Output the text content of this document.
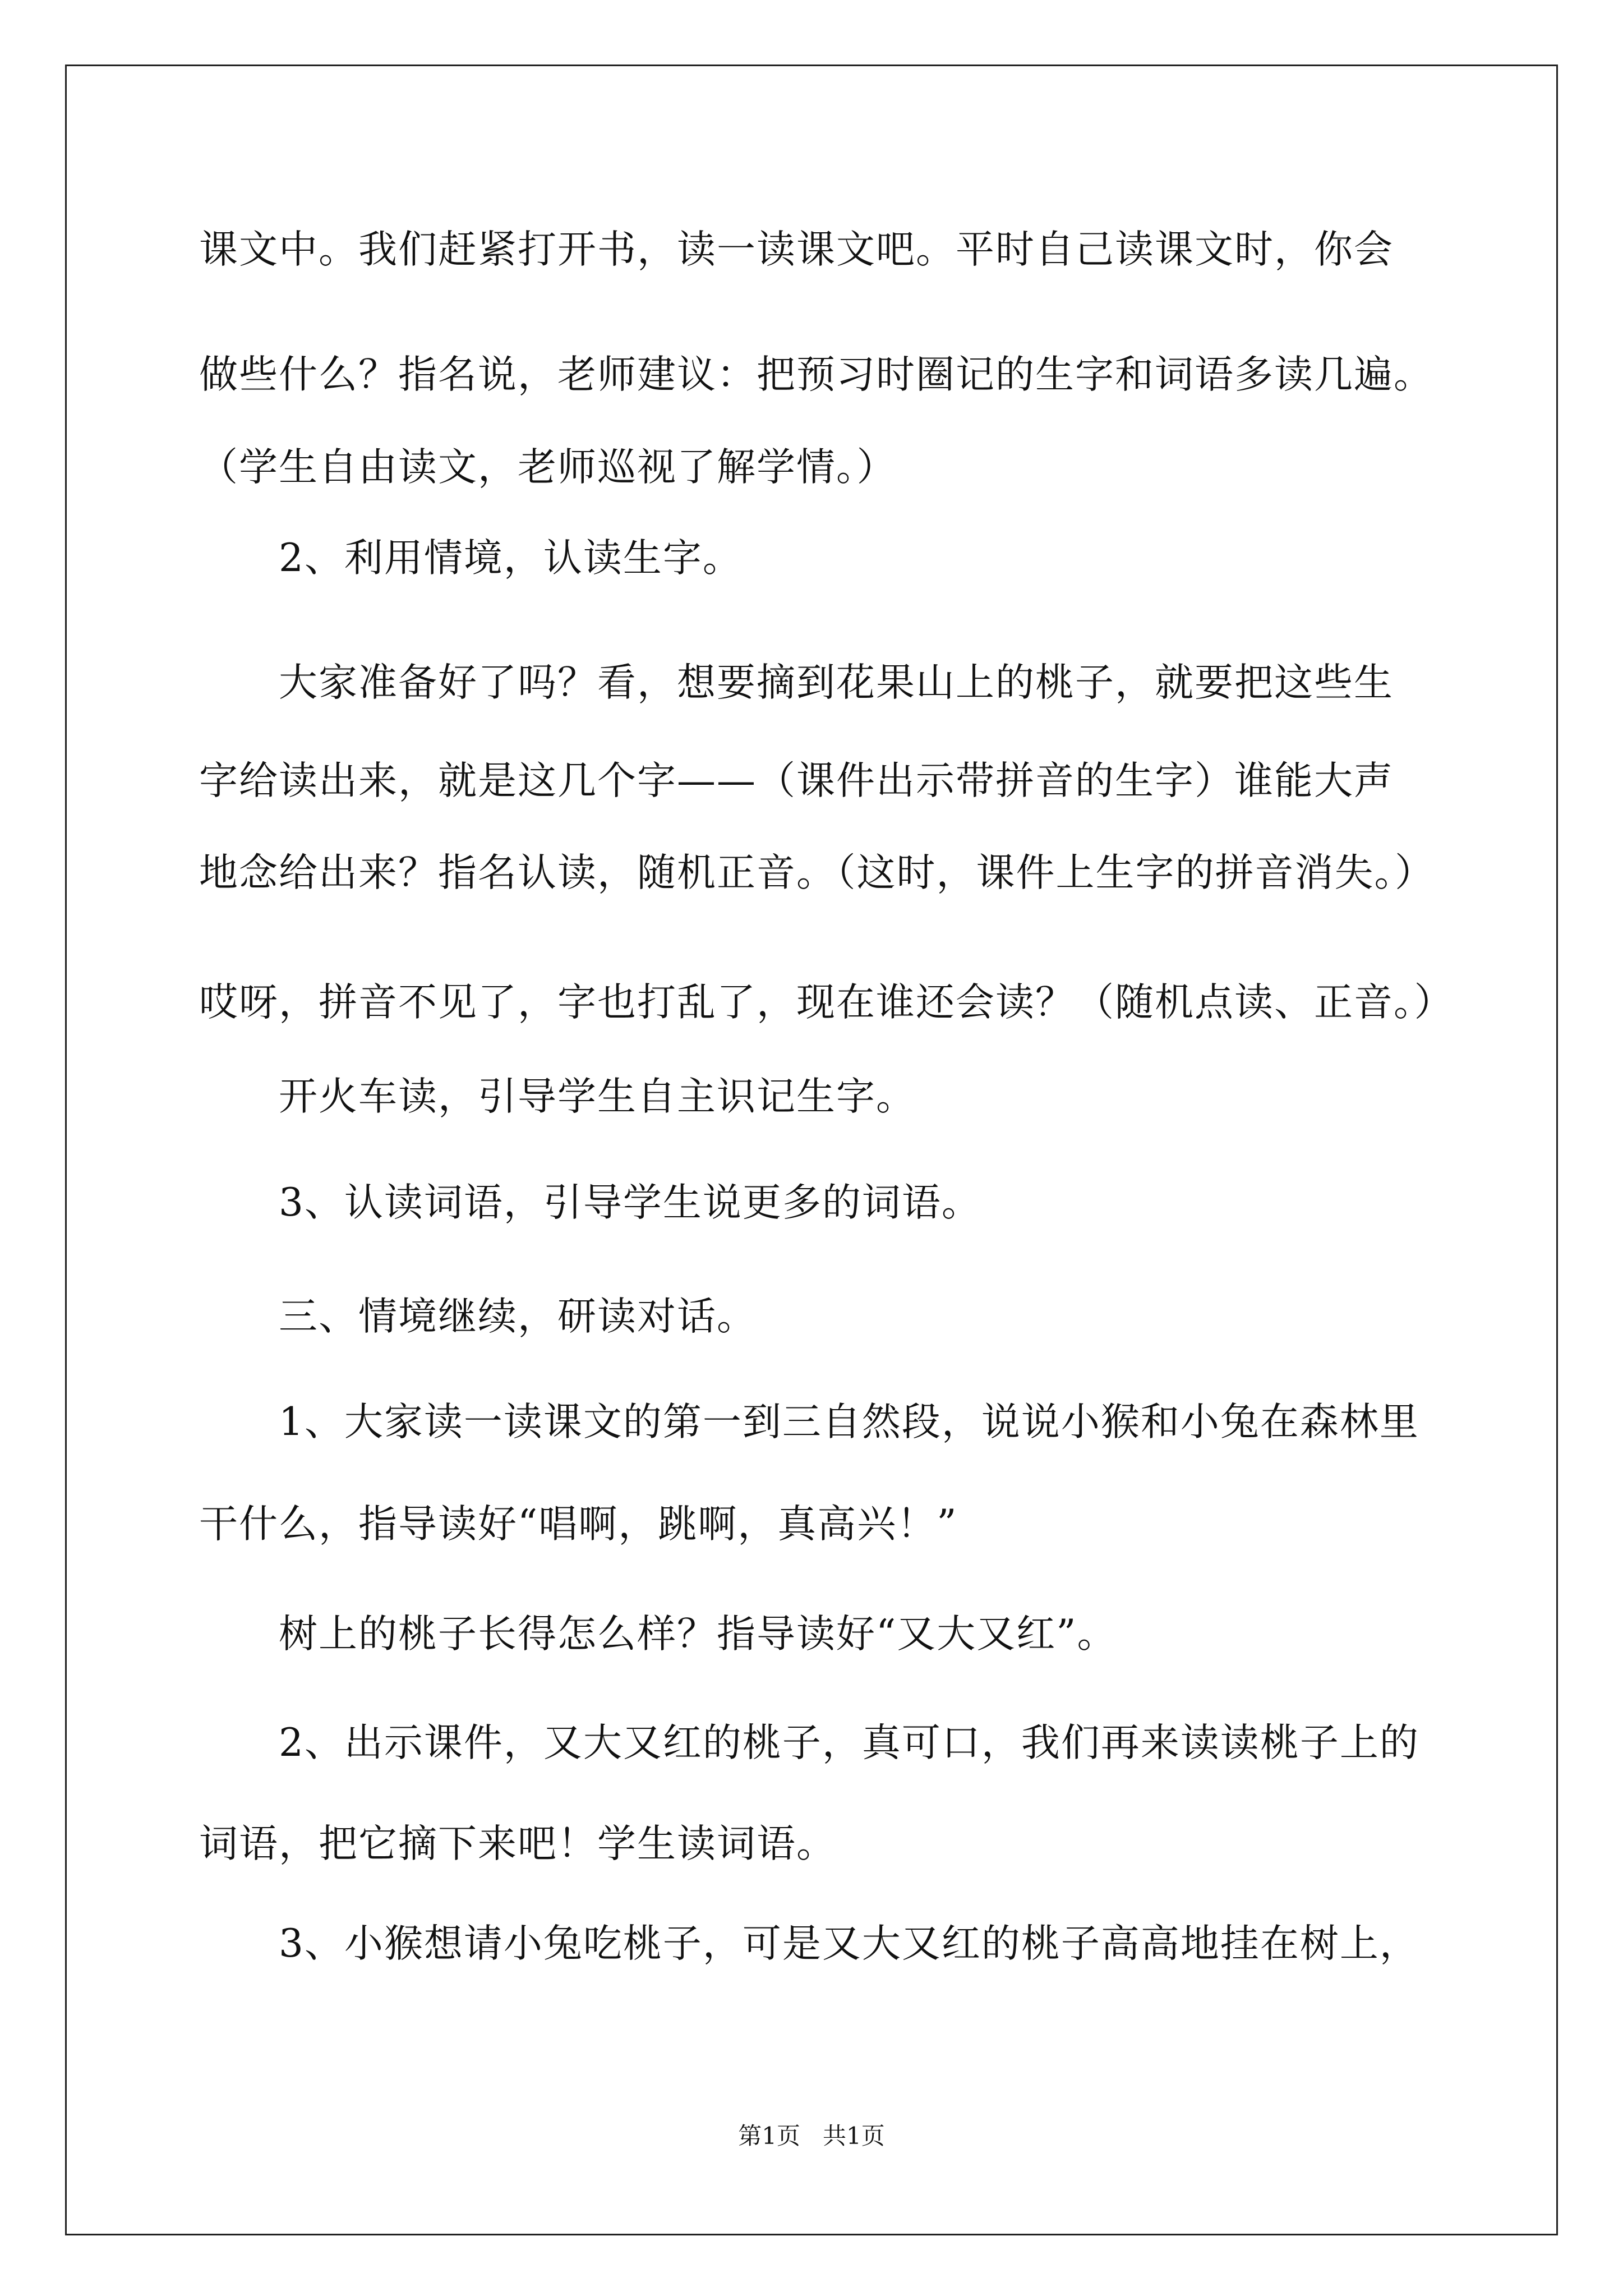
课文中。我们赶紧打开书，读一读课文吧。平时自己读课文时，你会
做些什么？指名说，老师建议：把预习时圈记的生字和词语多读几遍。
（学生自由读文，老师巡视了解学情。）
2、利用情境，认读生字。
大家准备好了吗？看，想要摘到花果山上的桃子，就要把这些生
字给读出来，就是这几个字——（课件出示带拼音的生字）谁能大声
地念给出来？指名认读，随机正音。（这时，课件上生字的拼音消失。）
哎呀，拼音不见了，字也打乱了，现在谁还会读？（随机点读、正音。）
开火车读，引导学生自主识记生字。
3、认读词语，引导学生说更多的词语。
三、情境继续，研读对话。
1、大家读一读课文的第一到三自然段，说说小猴和小兔在森林里
干什么，指导读好“唱啊，跳啊，真高兴！”
树上的桃子长得怎么样？指导读好“又大又红”。
2、出示课件，又大又红的桃子，真可口，我们再来读读桃子上的
词语，把它摘下来吧！学生读词语。
3、小猴想请小兔吃桃子，可是又大又红的桃子高高地挂在树上，
第1页   共1页
